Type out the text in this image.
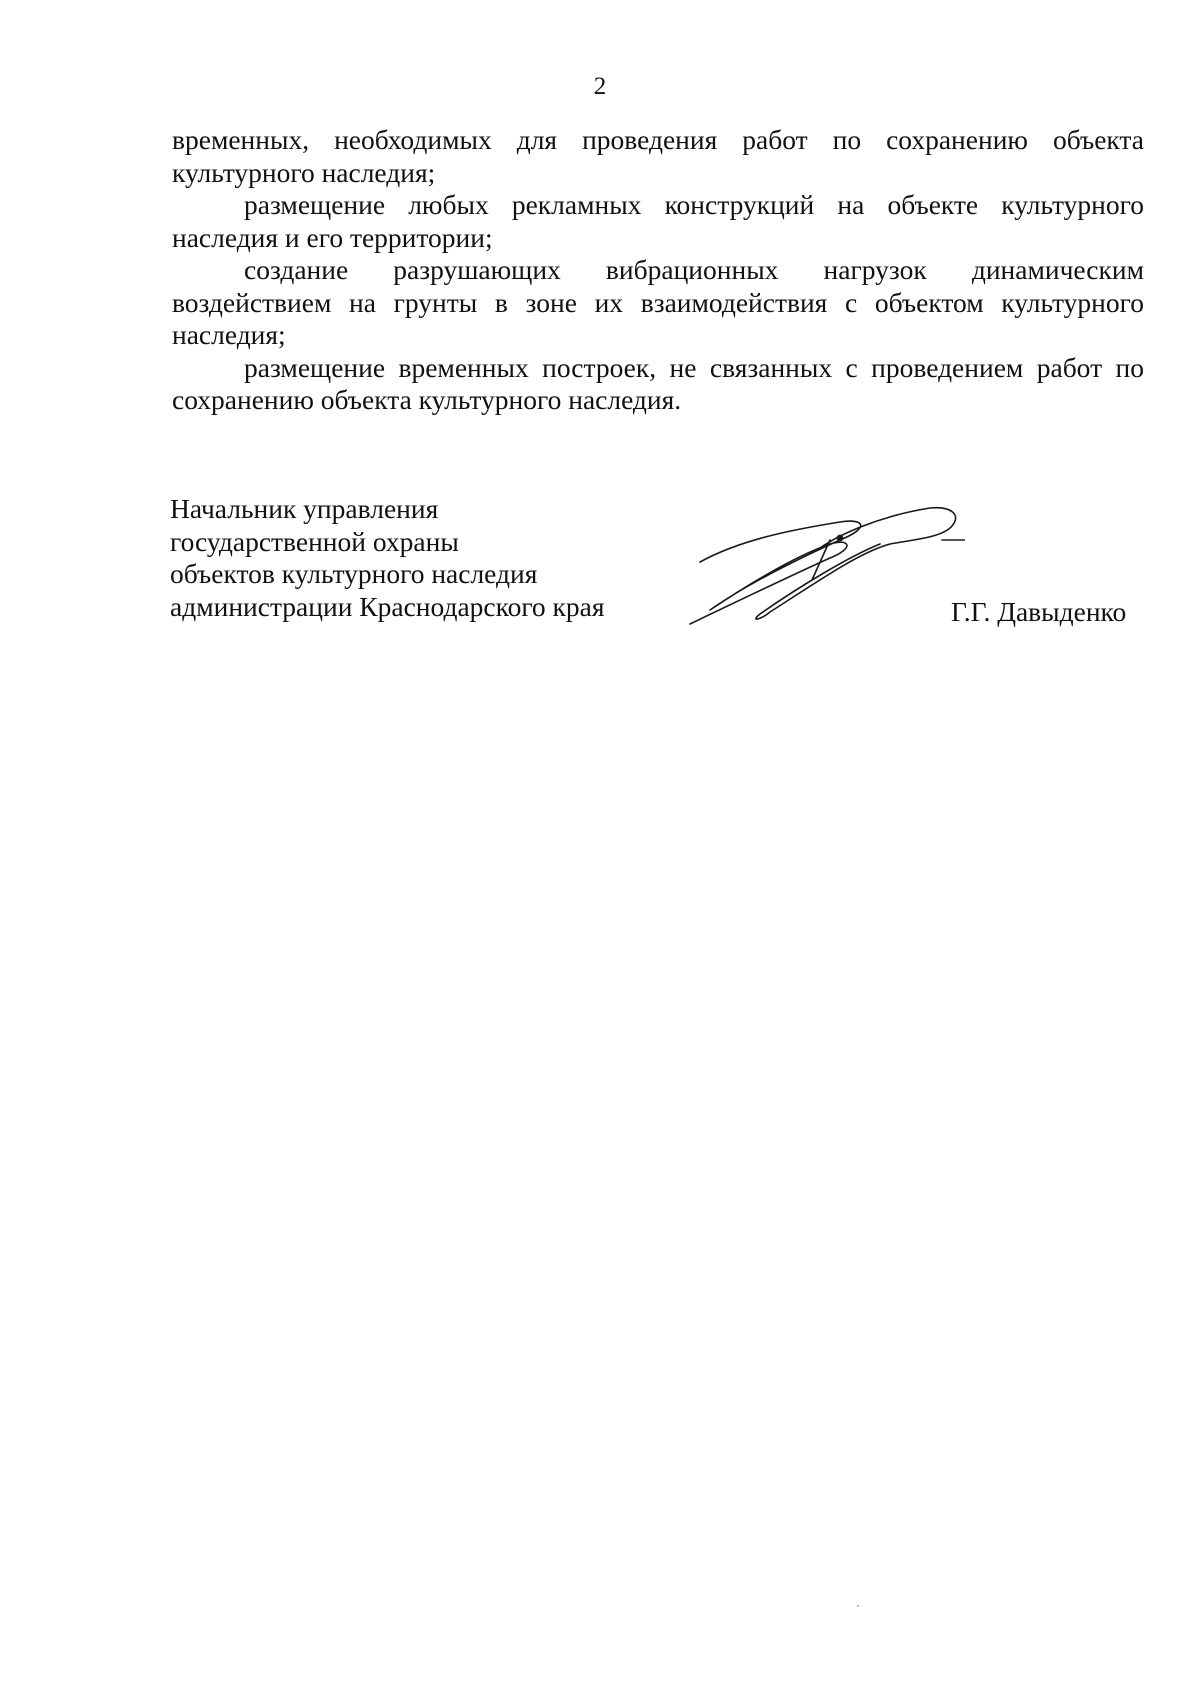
2

временных, необходимых для проведения работ по сохранению объекта культурного наследия;

размещение любых рекламных конструкций на объекте культурного наследия и его территории;

создание разрушающих вибрационных нагрузок динамическим воздействием на грунты в зоне их взаимодействия с объектом культурного наследия;

размещение временных построек, не связанных с проведением работ по сохранению объекта культурного наследия.

Начальник управления
государственной охраны
объектов культурного наследия
администрации Краснодарского края	Г.Г. Давыденко
